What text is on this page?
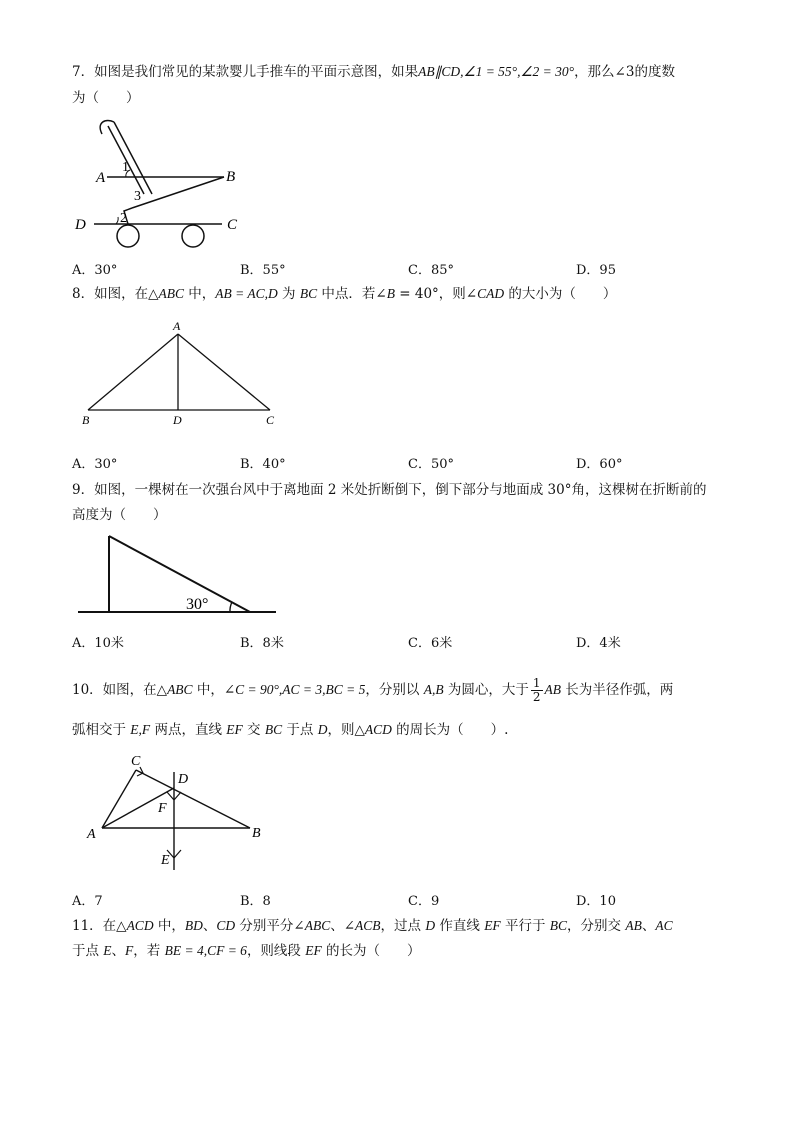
7．如图是我们常见的某款婴儿手推车的平面示意图，如果AB∥CD,∠1 = 55°,∠2 = 30°，那么∠3的度数
为（　　）
A	B
D	C
1
2
3
A．30°	B．55°	C．85°	D．95
8．如图，在△ABC 中，AB = AC,D 为 BC 中点．若∠B = 40°，则∠CAD 的大小为（　　）
A
B	D	C
A．30°	B．40°	C．50°	D．60°
9．如图，一棵树在一次强台风中于离地面 2 米处折断倒下，倒下部分与地面成 30°角，这棵树在折断前的
高度为（　　）
30°
A．10米	B．8米	C．6米	D．4米
10．如图，在△ABC 中，∠C = 90°,AC = 3,BC = 5，分别以 A,B 为圆心，大于 $\frac{1}{2}$ AB 长为半径作弧，两
弧相交于 E,F 两点，直线 EF 交 BC 于点 D，则△ACD 的周长为（　　）.
C
D
F
A	B
E
A．7	B．8	C．9	D．10
11．在△ACD 中，BD、CD 分别平分∠ABC、∠ACB，过点 D 作直线 EF 平行于 BC，分别交 AB、AC
于点 E、F，若 BE = 4,CF = 6，则线段 EF 的长为（　　）
